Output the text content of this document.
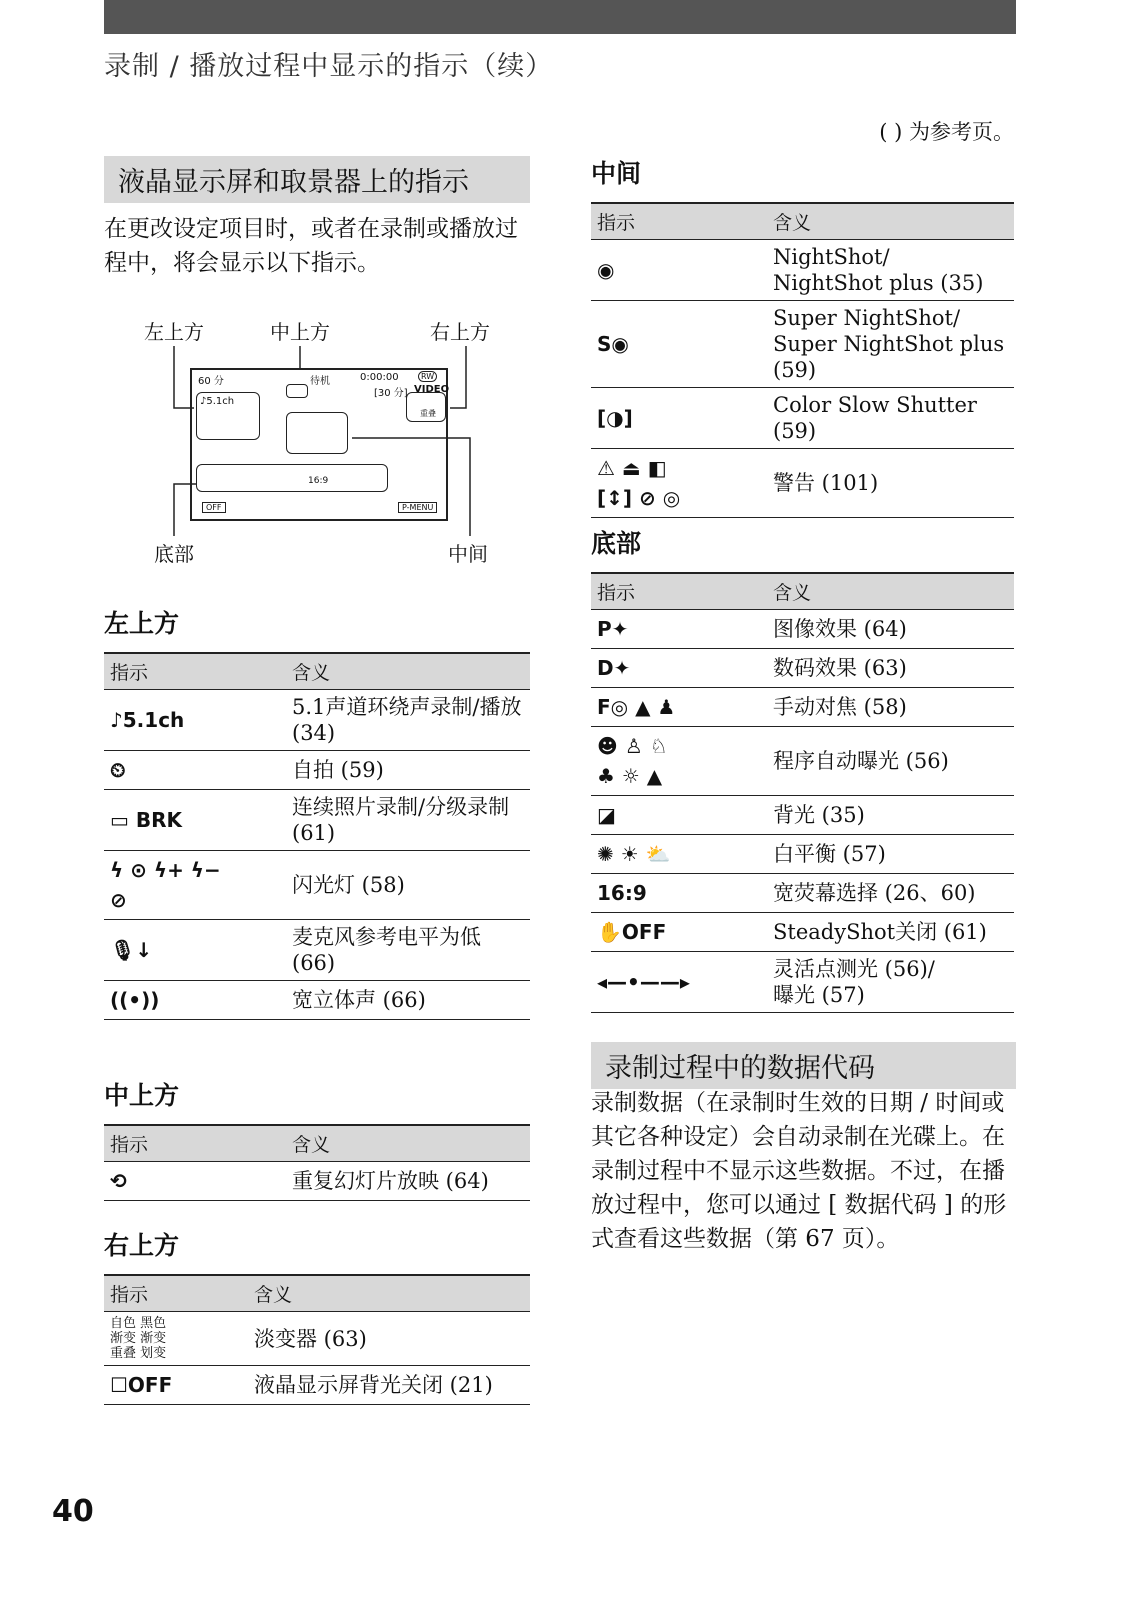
录制 / 播放过程中显示的指示（续）
( ) 为参考页。
液晶显示屏和取景器上的指示

在更改设定项目时，或者在录制或播放过程中，将会显示以下指示。

左上方	中上方	右上方
底部	中间
60 分	待机	0:00:00	RW
[30 分] VIDEO
♪5.1ch
重叠
16:9
OFF	P-MENU
左上方
指示	含义
♪5.1ch	5.1声道环绕声录制/播放 (34)
⏲	自拍 (59)
▭ BRK	连续照片录制/分级录制 (61)
ϟ ⊙ ϟ+ ϟ−
⊘	闪光灯 (58)
🎙↓	麦克风参考电平为低 (66)
((•))	宽立体声 (66)
中上方
指示	含义
⟲	重复幻灯片放映 (64)
右上方
指示	含义
自色 黑色
渐变 渐变
重叠 划变	淡变器 (63)
☐OFF	液晶显示屏背光关闭 (21)
中间
指示	含义
◉	NightShot/
NightShot plus (35)
S◉	Super NightShot/
Super NightShot plus (59)
[◑]	Color Slow Shutter (59)
⚠ ⏏ ◧
[↕] ⊘ ◎	警告 (101)
底部
指示	含义
P✦	图像效果 (64)
D✦	数码效果 (63)
F◎ ▲ ♟	手动对焦 (58)
☻ ♙ ♘
♣ ☼ ▲	程序自动曝光 (56)
◪	背光 (35)
✺ ☀ ⛅	白平衡 (57)
16:9	宽荧幕选择 (26、60)
✋OFF	SteadyShot关闭 (61)
◂—•——▸	灵活点测光 (56)/
曝光 (57)
录制过程中的数据代码

录制数据（在录制时生效的日期 / 时间或其它各种设定）会自动录制在光碟上。在录制过程中不显示这些数据。不过，在播放过程中，您可以通过 [ 数据代码 ] 的形式查看这些数据（第 67 页）。

40
